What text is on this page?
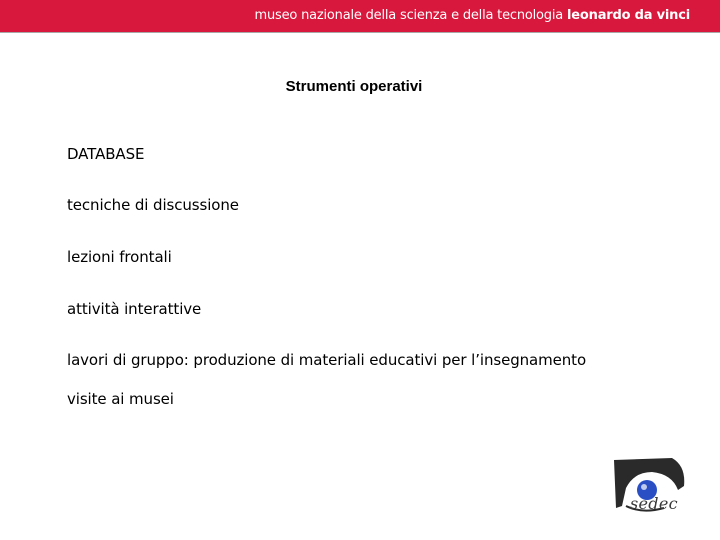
museo nazionale della scienza e della tecnologia leonardo da vinci
Strumenti operativi
DATABASE
tecniche di discussione
lezioni frontali
attività interattive
lavori di gruppo: produzione di materiali educativi per l’insegnamento
visite ai musei
sedec
